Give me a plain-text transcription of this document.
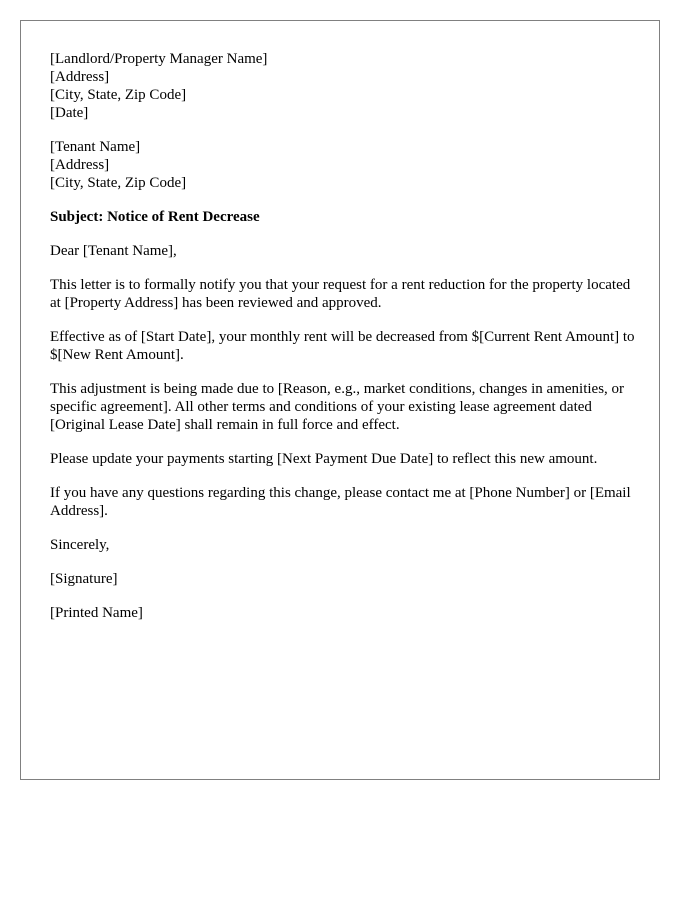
[Landlord/Property Manager Name]
[Address]
[City, State, Zip Code]
[Date]
[Tenant Name]
[Address]
[City, State, Zip Code]
Subject: Notice of Rent Decrease

Dear [Tenant Name],

This letter is to formally notify you that your request for a rent reduction for the property located at [Property Address] has been reviewed and approved.

Effective as of [Start Date], your monthly rent will be decreased from $[Current Rent Amount] to $[New Rent Amount].

This adjustment is being made due to [Reason, e.g., market conditions, changes in amenities, or specific agreement]. All other terms and conditions of your existing lease agreement dated [Original Lease Date] shall remain in full force and effect.

Please update your payments starting [Next Payment Due Date] to reflect this new amount.

If you have any questions regarding this change, please contact me at [Phone Number] or [Email Address].

Sincerely,

[Signature]

[Printed Name]
